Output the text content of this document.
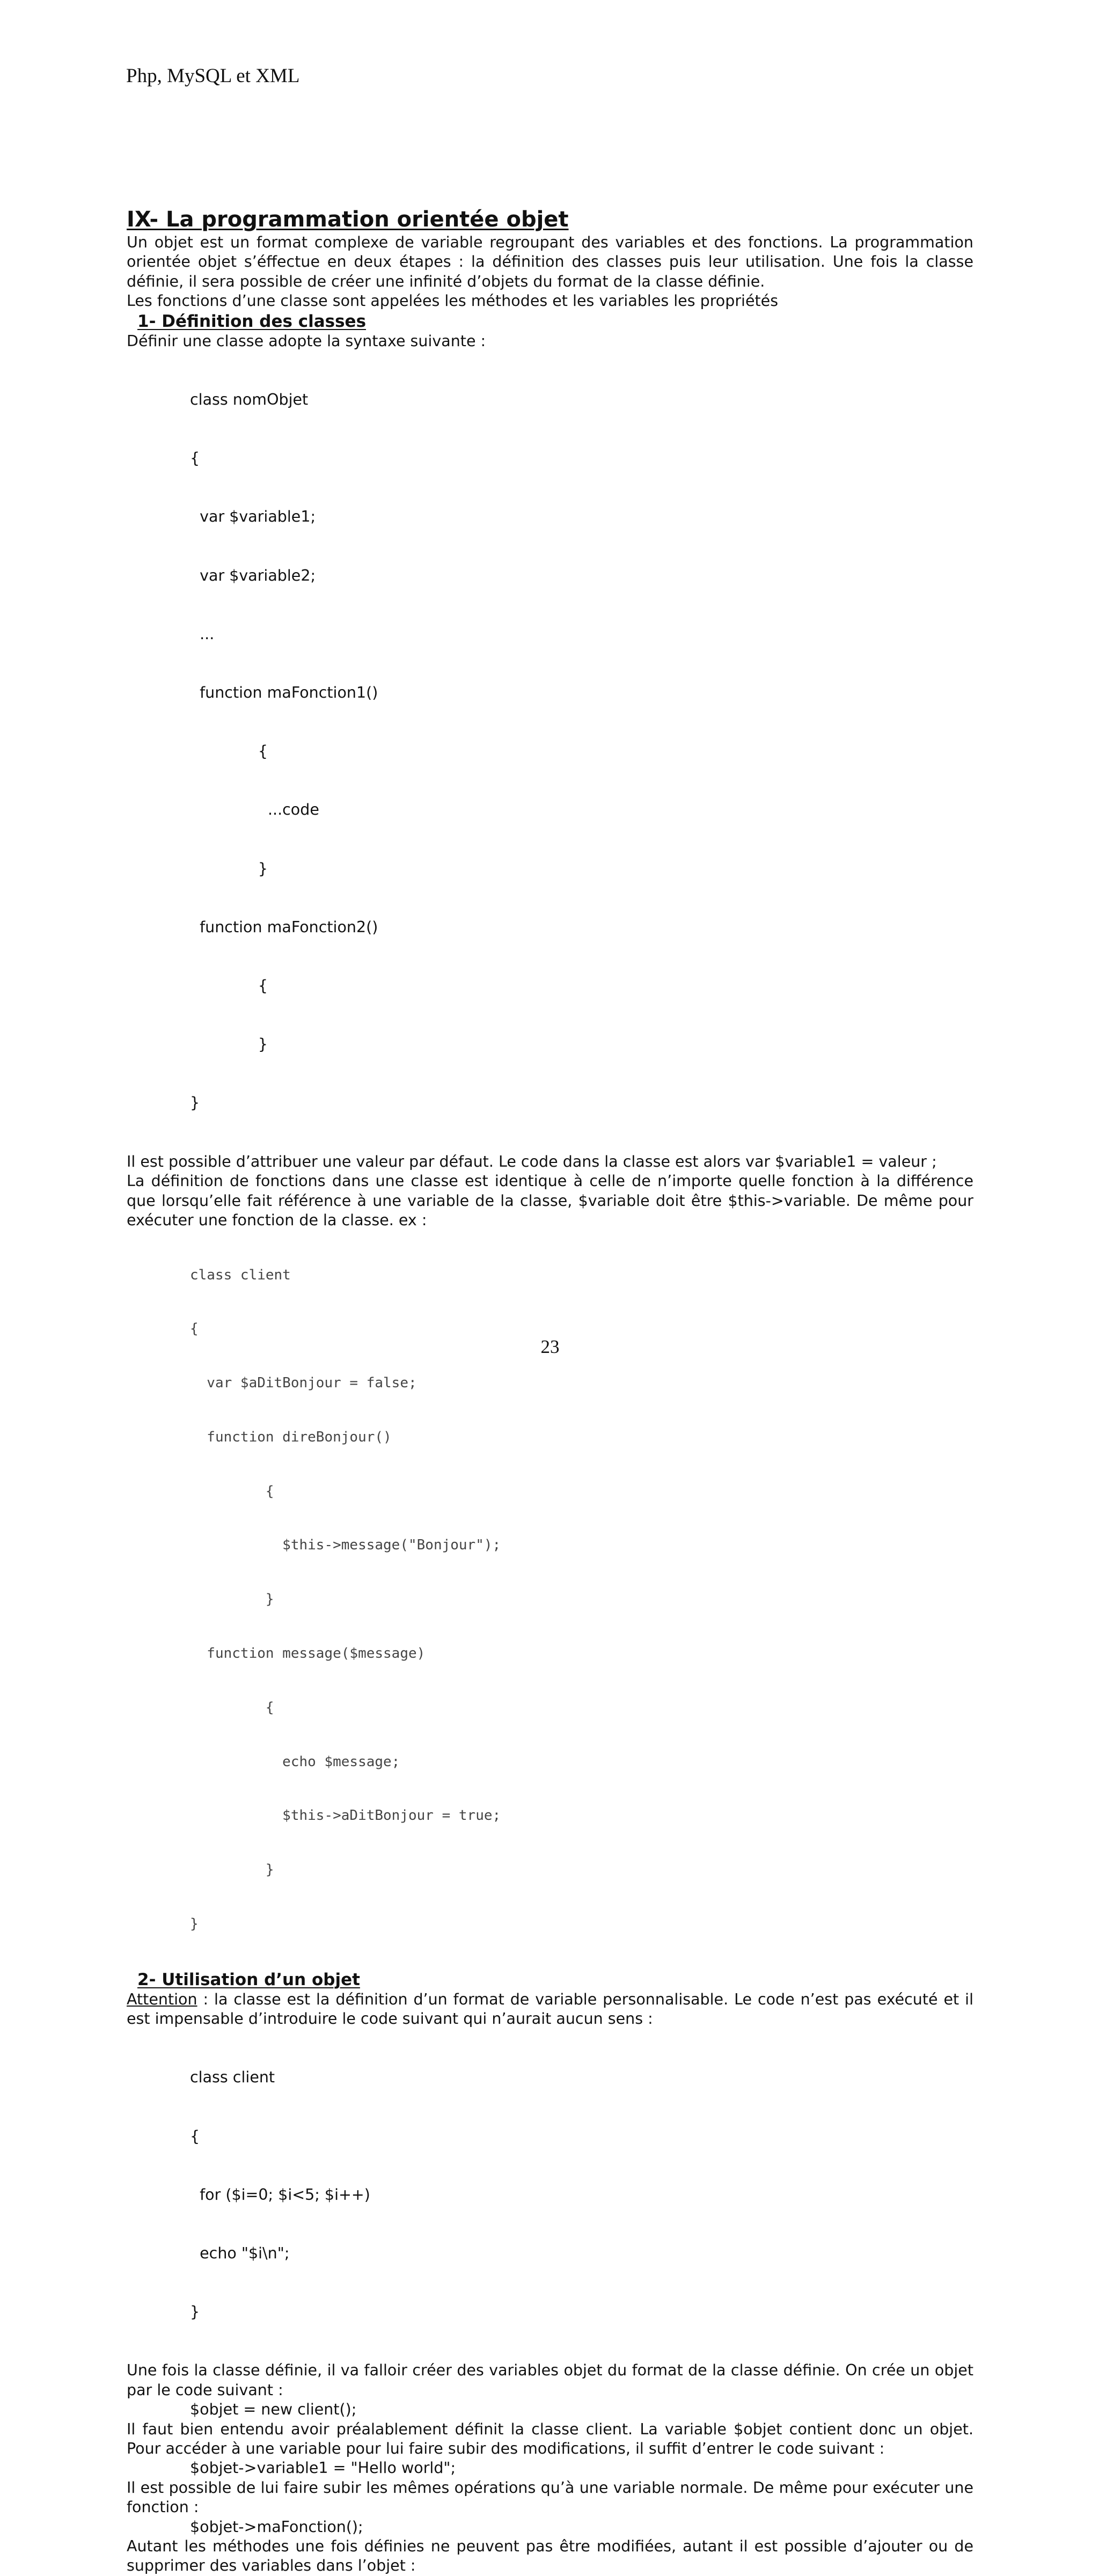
Php, MySQL et XML
IX- La programmation orientée objet

Un objet est un format complexe de variable regroupant des variables et des fonctions. La programmation orientée objet s’éffectue en deux étapes : la définition des classes puis leur utilisation. Une fois la classe définie, il sera possible de créer une infinité d’objets du format de la classe définie.

Les fonctions d’une classe sont appelées les méthodes et les variables les propriétés

1- Définition des classes

Définir une classe adopte la syntaxe suivante :

class nomObjet

{

var $variable1;

var $variable2;

...

function maFonction1()

{

...code

}

function maFonction2()

{

}

}

Il est possible d’attribuer une valeur par défaut. Le code dans la classe est alors var $variable1 = valeur ;

La définition de fonctions dans une classe est identique à celle de n’importe quelle fonction à la différence que lorsqu’elle fait référence à une variable de la classe, $variable doit être $this->variable. De même pour exécuter une fonction de la classe. ex :

class client

{

var $aDitBonjour = false;

function direBonjour()

{

$this->message("Bonjour");

}

function message($message)

{

echo $message;

$this->aDitBonjour = true;

}

}

2- Utilisation d’un objet

Attention : la classe est la définition d’un format de variable personnalisable. Le code n’est pas exécuté et il est impensable d’introduire le code suivant qui n’aurait aucun sens :

class client

{

for ($i=0; $i<5; $i++)

echo "$i\n";

}

Une fois la classe définie, il va falloir créer des variables objet du format de la classe définie. On crée un objet par le code suivant :

$objet = new client();

Il faut bien entendu avoir préalablement définit la classe client. La variable $objet contient donc un objet. Pour accéder à une variable pour lui faire subir des modifications, il suffit d’entrer le code suivant :

$objet->variable1 = "Hello world";

Il est possible de lui faire subir les mêmes opérations qu’à une variable normale. De même pour exécuter une fonction :

$objet->maFonction();

Autant les méthodes une fois définies ne peuvent pas être modifiées, autant il est possible d’ajouter ou de supprimer des variables dans l’objet :

23
